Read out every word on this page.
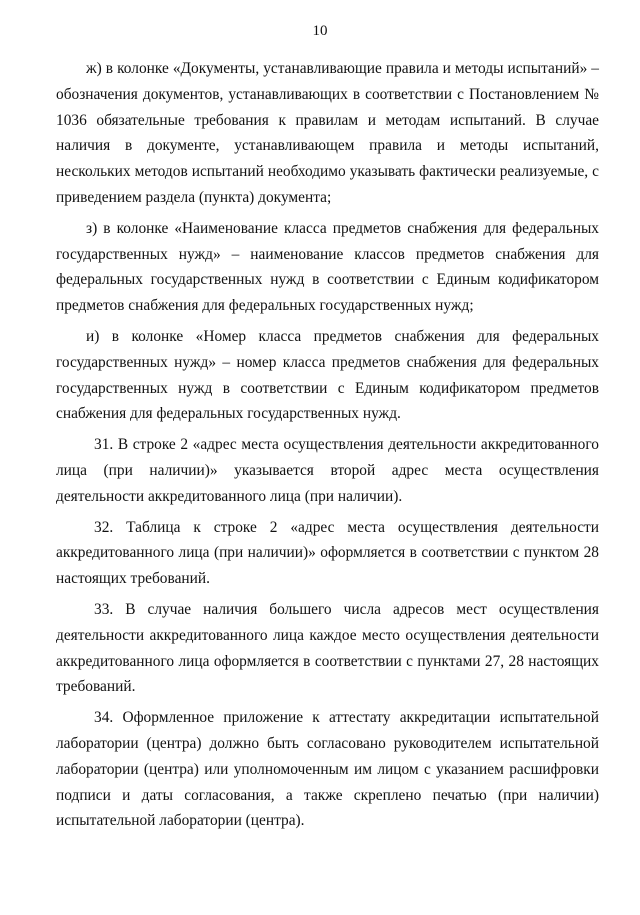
10

ж) в колонке «Документы, устанавливающие правила и методы испытаний» – обозначения документов, устанавливающих в соответствии с Постановлением № 1036 обязательные требования к правилам и методам испытаний. В случае наличия в документе, устанавливающем правила и методы испытаний, нескольких методов испытаний необходимо указывать фактически реализуемые, с приведением раздела (пункта) документа;

з) в колонке «Наименование класса предметов снабжения для федеральных государственных нужд» – наименование классов предметов снабжения для федеральных государственных нужд в соответствии с Единым кодификатором предметов снабжения для федеральных государственных нужд;

и) в колонке «Номер класса предметов снабжения для федеральных государственных нужд» – номер класса предметов снабжения для федеральных государственных нужд в соответствии с Единым кодификатором предметов снабжения для федеральных государственных нужд.

31. В строке 2 «адрес места осуществления деятельности аккредитованного лица (при наличии)» указывается второй адрес места осуществления деятельности аккредитованного лица (при наличии).

32. Таблица к строке 2 «адрес места осуществления деятельности аккредитованного лица (при наличии)» оформляется в соответствии с пунктом 28 настоящих требований.

33. В случае наличия большего числа адресов мест осуществления деятельности аккредитованного лица каждое место осуществления деятельности аккредитованного лица оформляется в соответствии с пунктами 27, 28 настоящих требований.

34. Оформленное приложение к аттестату аккредитации испытательной лаборатории (центра) должно быть согласовано руководителем испытательной лаборатории (центра) или уполномоченным им лицом с указанием расшифровки подписи и даты согласования, а также скреплено печатью (при наличии) испытательной лаборатории (центра).
